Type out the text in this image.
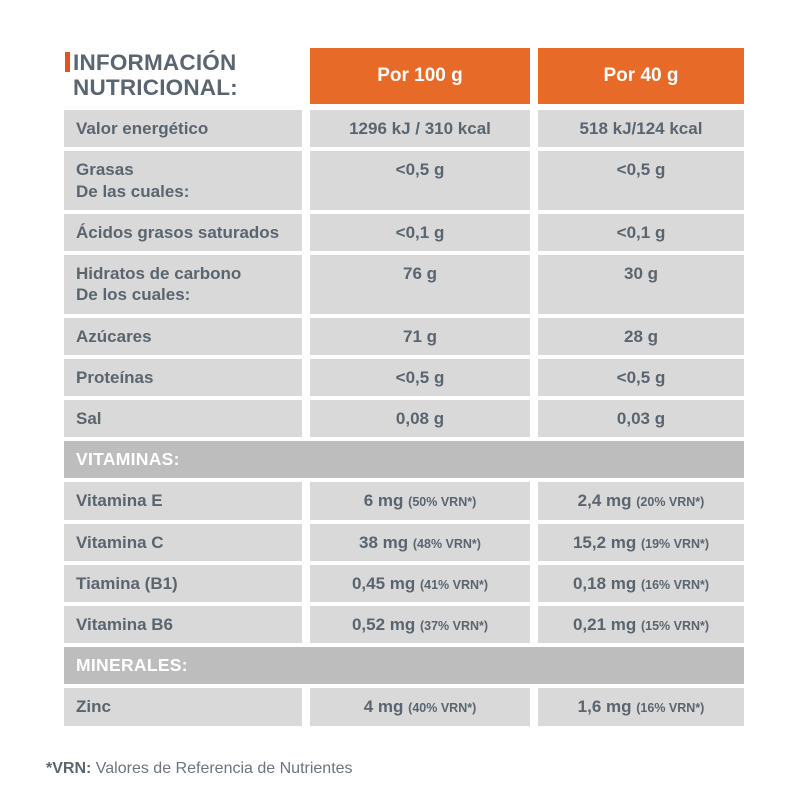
INFORMACIÓN
NUTRICIONAL:	Por 100 g	Por 40 g
Valor energético	1296 kJ / 310 kcal	518 kJ/124 kcal
Grasas
De las cuales:
<0,5 g	<0,5 g
Ácidos grasos saturados	<0,1 g	<0,1 g
Hidratos de carbono
De los cuales:
76 g	30 g
Azúcares	71 g	28 g
Proteínas	<0,5 g	<0,5 g
Sal	0,08 g	0,03 g
VITAMINAS:
Vitamina E	6 mg (50% VRN*)	2,4 mg (20% VRN*)
Vitamina C	38 mg (48% VRN*)	15,2 mg (19% VRN*)
Tiamina (B1)	0,45 mg (41% VRN*)	0,18 mg (16% VRN*)
Vitamina B6	0,52 mg (37% VRN*)	0,21 mg (15% VRN*)
MINERALES:
Zinc	4 mg (40% VRN*)	1,6 mg (16% VRN*)
*VRN: Valores de Referencia de Nutrientes
